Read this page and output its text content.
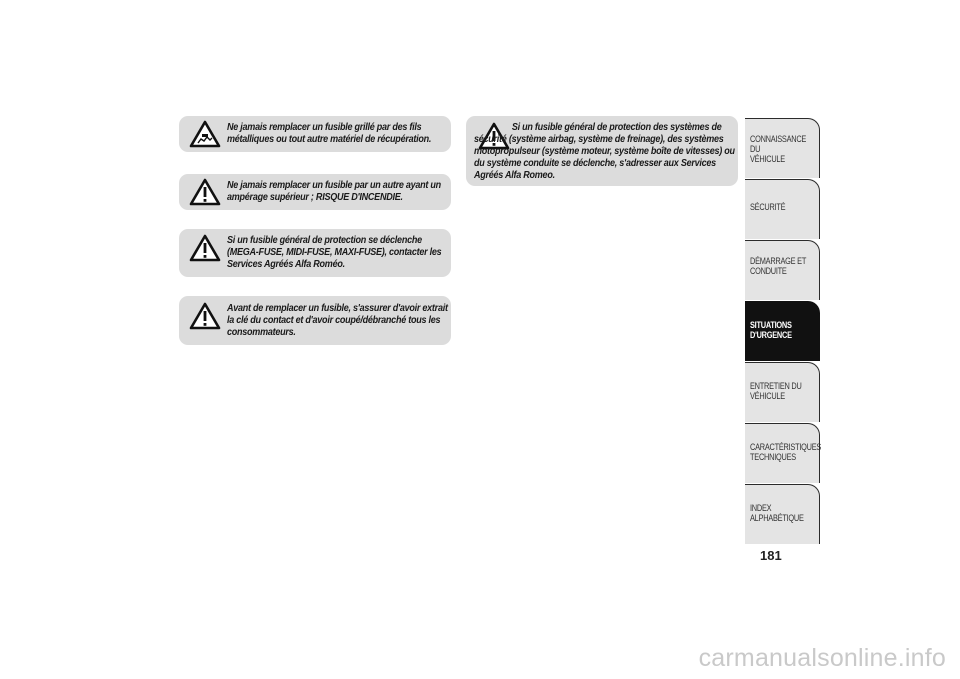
Ne jamais remplacer un fusible grillé par des fils métalliques ou tout autre matériel de récupération.
Ne jamais remplacer un fusible par un autre ayant un ampérage supérieur ; RISQUE D'INCENDIE.
Si un fusible général de protection se déclenche (MEGA-FUSE, MIDI-FUSE, MAXI-FUSE), contacter les Services Agréés Alfa Roméo.
Avant de remplacer un fusible, s'assurer d'avoir extrait la clé du contact et d'avoir coupé/débranché tous les consommateurs.
Si un fusible général de protection des systèmes de sécurité (système airbag, système de freinage), des systèmes motopropulseur (système moteur, système boîte de vitesses) ou du système conduite se déclenche, s'adresser aux Services Agréés Alfa Romeo.
CONNAISSANCE DU
VÉHICULE
SÉCURITÉ
DÉMARRAGE ET
CONDUITE
SITUATIONS
D'URGENCE
ENTRETIEN DU
VÉHICULE
CARACTÉRISTIQUES
TECHNIQUES
INDEX
ALPHABÉTIQUE
181
carmanualsonline.info
